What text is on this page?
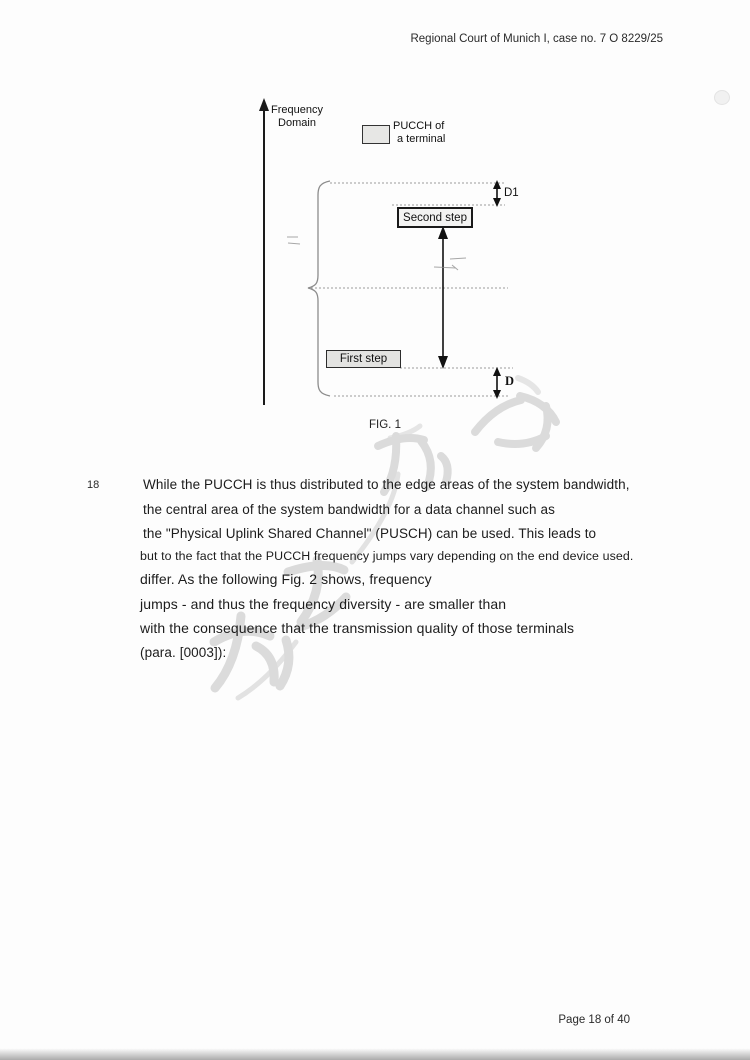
Regional Court of Munich I, case no. 7 O 8229/25
Frequency
Domain	PUCCH of
a terminal
Second step
First step
D1
D
FIG. 1
18	While the PUCCH is thus distributed to the edge areas of the system bandwidth,
the central area of the system bandwidth for a data channel such as
the "Physical Uplink Shared Channel" (PUSCH) can be used. This leads to
but to the fact that the PUCCH frequency jumps vary depending on the end device used.
differ. As the following Fig. 2 shows, frequency
jumps - and thus the frequency diversity - are smaller than
with the consequence that the transmission quality of those terminals
(para. [0003]):
Page 18 of 40
